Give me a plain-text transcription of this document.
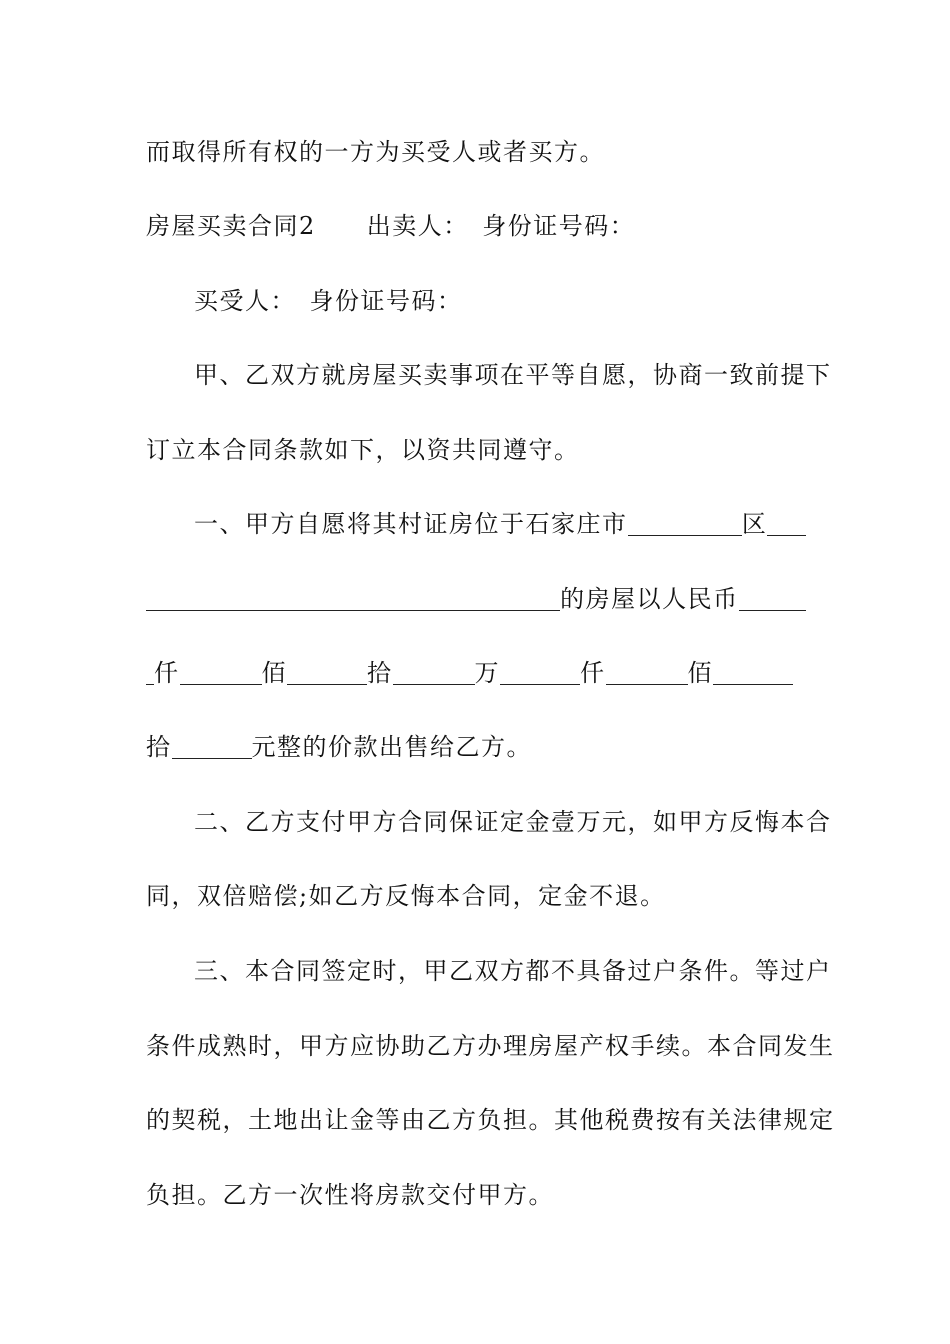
而取得所有权的一方为买受人或者买方。
房屋买卖合同2　　出卖人：　身份证号码：
买受人：　身份证号码：
甲、乙双方就房屋买卖事项在平等自愿，协商一致前提下
订立本合同条款如下，以资共同遵守。
一、甲方自愿将其村证房位于石家庄市	区
的房屋以人民币
仟	佰	拾	万	仟	佰
拾	元整的价款出售给乙方。
二、乙方支付甲方合同保证定金壹万元，如甲方反悔本合
同，双倍赔偿;如乙方反悔本合同，定金不退。
三、本合同签定时，甲乙双方都不具备过户条件。等过户
条件成熟时，甲方应协助乙方办理房屋产权手续。本合同发生
的契税，土地出让金等由乙方负担。其他税费按有关法律规定
负担。乙方一次性将房款交付甲方。
